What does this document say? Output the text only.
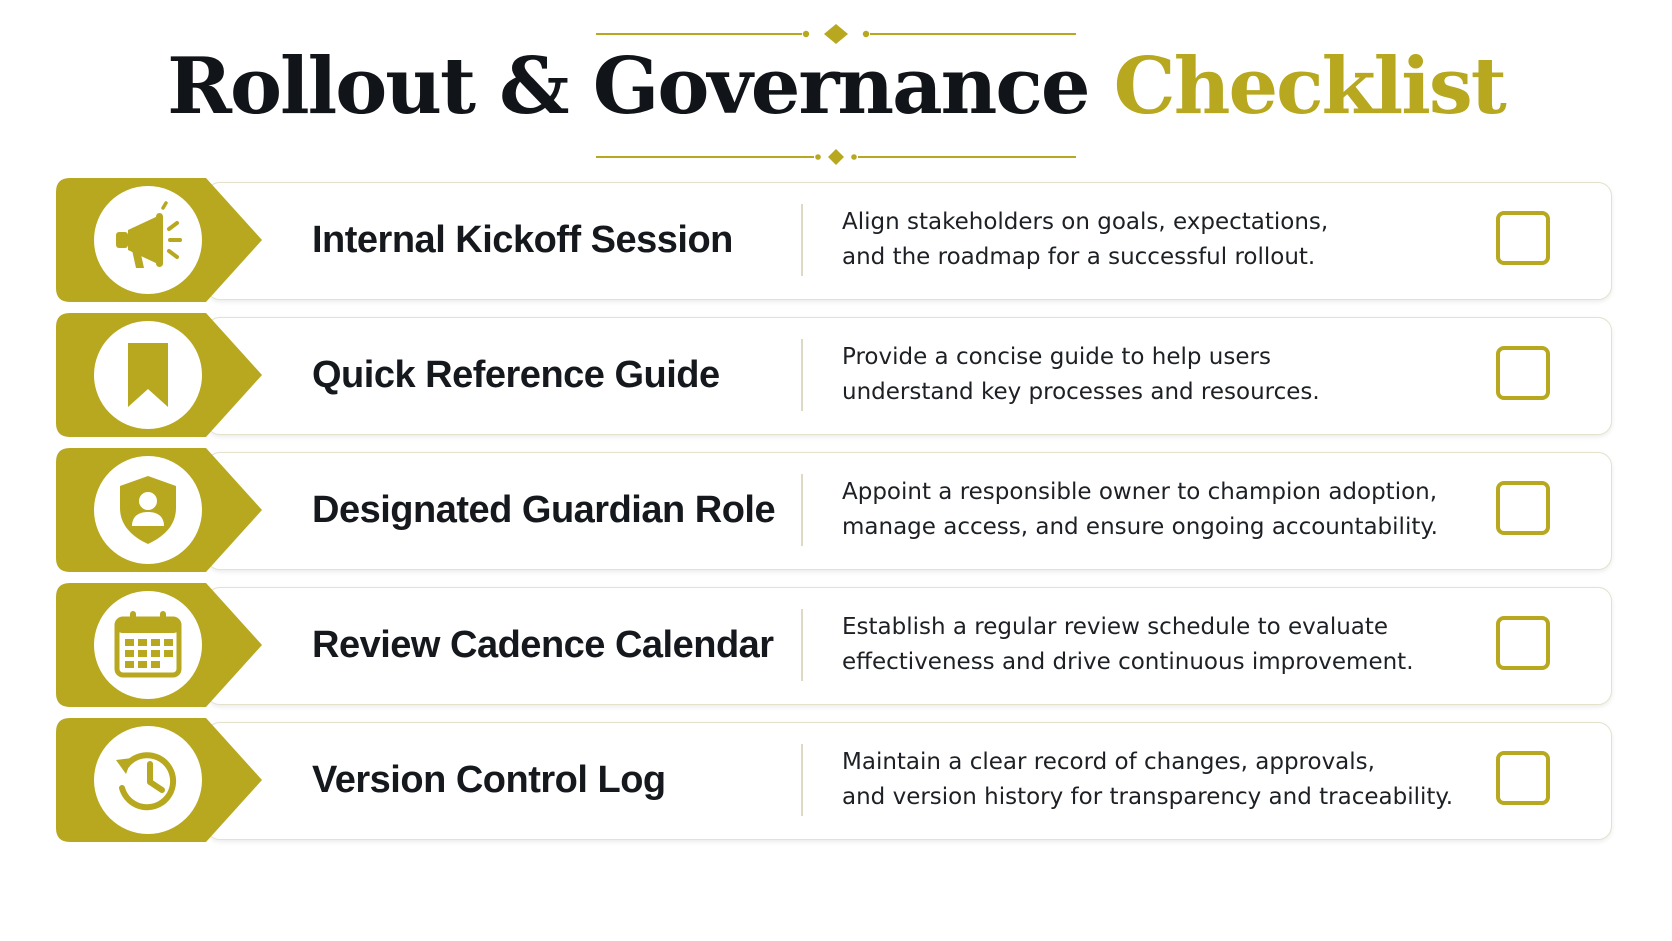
Rollout & Governance Checklist
Internal Kickoff Session	Align stakeholders on goals, expectations,
and the roadmap for a successful rollout.
Quick Reference Guide	Provide a concise guide to help users
understand key processes and resources.
Designated Guardian Role	Appoint a responsible owner to champion adoption,
manage access, and ensure ongoing accountability.
Review Cadence Calendar	Establish a regular review schedule to evaluate
effectiveness and drive continuous improvement.
Version Control Log	Maintain a clear record of changes, approvals,
and version history for transparency and traceability.
